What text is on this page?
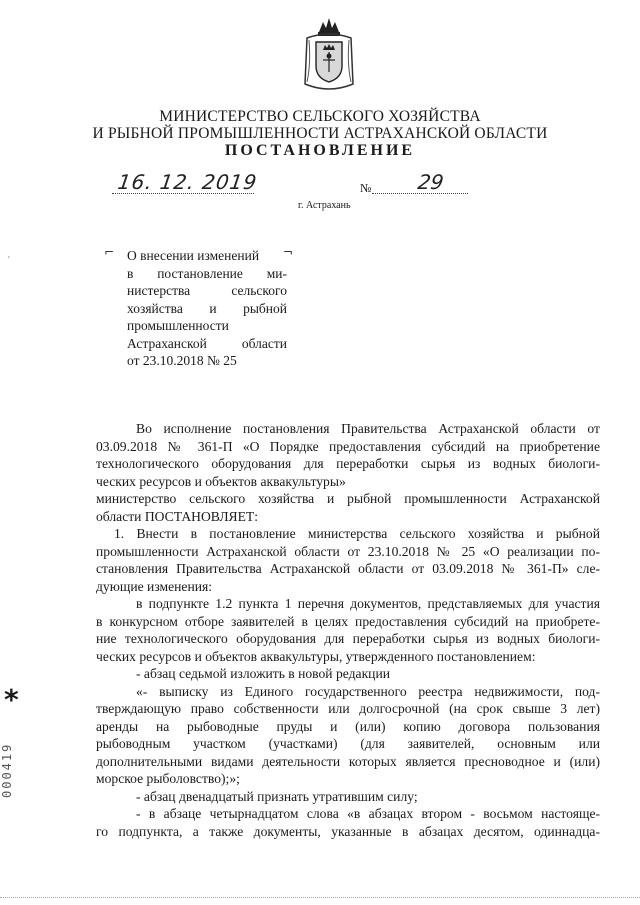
МИНИСТЕРСТВО СЕЛЬСКОГО ХОЗЯЙСТВА
И РЫБНОЙ ПРОМЫШЛЕННОСТИ АСТРАХАНСКОЙ ОБЛАСТИ
ПОСТАНОВЛЕНИЕ
16. 12. 2019	№ 29
г. Астрахань
⌐	¬
О внесении изменений
в постановление ми-
нистерства сельского
хозяйства и рыбной
промышленности
Астраханской области
от 23.10.2018 № 25
Во исполнение постановления Правительства Астраханской области от
03.09.2018 № 361-П «О Порядке предоставления субсидий на приобретение
технологического оборудования для переработки сырья из водных биологи-
ческих ресурсов и объектов аквакультуры»
министерство сельского хозяйства и рыбной промышленности Астраханской
области ПОСТАНОВЛЯЕТ:
1. Внести в постановление министерства сельского хозяйства и рыбной
промышленности Астраханской области от 23.10.2018 № 25 «О реализации по-
становления Правительства Астраханской области от 03.09.2018 № 361-П» сле-
дующие изменения:
в подпункте 1.2 пункта 1 перечня документов, представляемых для участия
в конкурсном отборе заявителей в целях предоставления субсидий на приобрете-
ние технологического оборудования для переработки сырья из водных биологи-
ческих ресурсов и объектов аквакультуры, утвержденного постановлением:
- абзац седьмой изложить в новой редакции
«- выписку из Единого государственного реестра недвижимости, под-
тверждающую право собственности или долгосрочной (на срок свыше 3 лет)
аренды на рыбоводные пруды и (или) копию договора пользования
рыбоводным участком (участками) (для заявителей, основным или
дополнительными видами деятельности которых является пресноводное и (или)
морское рыболовство);»;
- абзац двенадцатый признать утратившим силу;
- в абзаце четырнадцатом слова «в абзацах втором - восьмом настояще-
го подпункта, а также документы, указанные в абзацах десятом, одиннадца-
'
*
000419
